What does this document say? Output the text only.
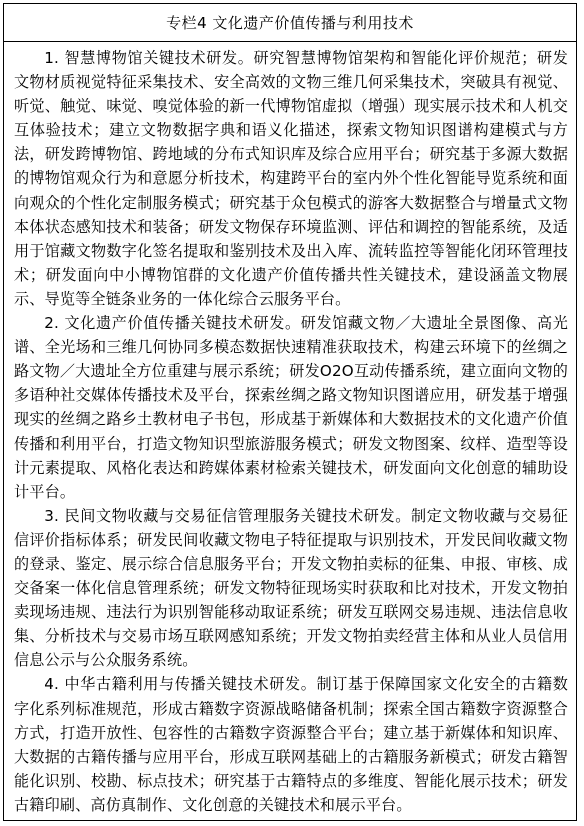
专栏4 文化遗产价值传播与利用技术

1. 智慧博物馆关键技术研发。研究智慧博物馆架构和智能化评价规范；研发文物材质视觉特征采集技术、安全高效的文物三维几何采集技术，突破具有视觉、听觉、触觉、味觉、嗅觉体验的新一代博物馆虚拟（增强）现实展示技术和人机交互体验技术；建立文物数据字典和语义化描述，探索文物知识图谱构建模式与方法，研发跨博物馆、跨地域的分布式知识库及综合应用平台；研究基于多源大数据的博物馆观众行为和意愿分析技术，构建跨平台的室内外个性化智能导览系统和面向观众的个性化定制服务模式；研究基于众包模式的游客大数据整合与增量式文物本体状态感知技术和装备；研发文物保存环境监测、评估和调控的智能系统，及适用于馆藏文物数字化签名提取和鉴别技术及出入库、流转监控等智能化闭环管理技术；研发面向中小博物馆群的文化遗产价值传播共性关键技术，建设涵盖文物展示、导览等全链条业务的一体化综合云服务平台。

2. 文化遗产价值传播关键技术研发。研发馆藏文物／大遗址全景图像、高光谱、全光场和三维几何协同多模态数据快速精准获取技术，构建云环境下的丝绸之路文物／大遗址全方位重建与展示系统；研发O2O互动传播系统，建立面向文物的多语种社交媒体传播技术及平台，探索丝绸之路文物知识图谱应用，研发基于增强现实的丝绸之路乡土教材电子书包，形成基于新媒体和大数据技术的文化遗产价值传播和利用平台，打造文物知识型旅游服务模式；研发文物图案、纹样、造型等设计元素提取、风格化表达和跨媒体素材检索关键技术，研发面向文化创意的辅助设计平台。

3. 民间文物收藏与交易征信管理服务关键技术研发。制定文物收藏与交易征信评价指标体系；研发民间收藏文物电子特征提取与识别技术，开发民间收藏文物的登录、鉴定、展示综合信息服务平台；开发文物拍卖标的征集、申报、审核、成交备案一体化信息管理系统；研发文物特征现场实时获取和比对技术，开发文物拍卖现场违规、违法行为识别智能移动取证系统；研发互联网交易违规、违法信息收集、分析技术与交易市场互联网感知系统；开发文物拍卖经营主体和从业人员信用信息公示与公众服务系统。

4. 中华古籍利用与传播关键技术研发。制订基于保障国家文化安全的古籍数字化系列标准规范，形成古籍数字资源战略储备机制；探索全国古籍数字资源整合方式，打造开放性、包容性的古籍数字资源整合平台；建立基于新媒体和知识库、大数据的古籍传播与应用平台，形成互联网基础上的古籍服务新模式；研发古籍智能化识别、校勘、标点技术；研究基于古籍特点的多维度、智能化展示技术；研发古籍印刷、高仿真制作、文化创意的关键技术和展示平台。
